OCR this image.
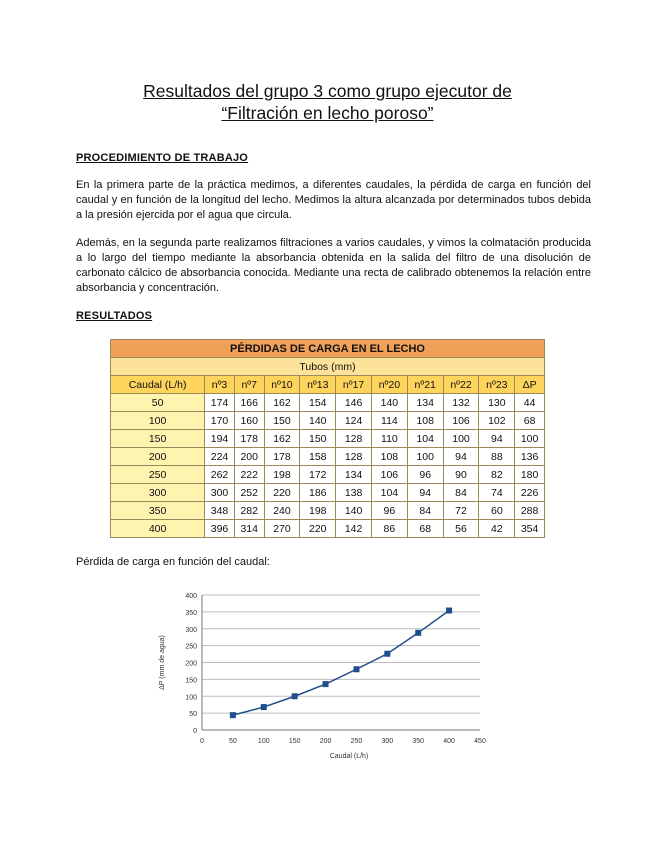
Resultados del grupo 3 como grupo ejecutor de
“Filtración en lecho poroso”
PROCEDIMIENTO DE TRABAJO

En la primera parte de la práctica medimos, a diferentes caudales, la pérdida de carga en función del caudal y en función de la longitud del lecho. Medimos la altura alcanzada por determinados tubos debida a la presión ejercida por el agua que circula.

Además, en la segunda parte realizamos filtraciones a varios caudales, y vimos la colmatación producida a lo largo del tiempo mediante la absorbancia obtenida en la salida del filtro de una disolución de carbonato cálcico de absorbancia conocida. Mediante una recta de calibrado obtenemos la relación entre absorbancia y concentración.

RESULTADOS
PÉRDIDAS DE CARGA EN EL LECHO										
Tubos (mm)										
Caudal (L/h)	nº3	nº7	nº10	nº13	nº17	nº20	nº21	nº22	nº23	ΔP
50	174	166	162	154	146	140	134	132	130	44
100	170	160	150	140	124	114	108	106	102	68
150	194	178	162	150	128	110	104	100	94	100
200	224	200	178	158	128	108	100	94	88	136
250	262	222	198	172	134	106	96	90	82	180
300	300	252	220	186	138	104	94	84	74	226
350	348	282	240	198	140	96	84	72	60	288
400	396	314	270	220	142	86	68	56	42	354
Pérdida de carga en función del caudal:
0
50
100
150
200
250
300
350
400
0	50	100	150	200	250	300	350	400	450
Caudal (L/h)
ΔP (mm de agua)
